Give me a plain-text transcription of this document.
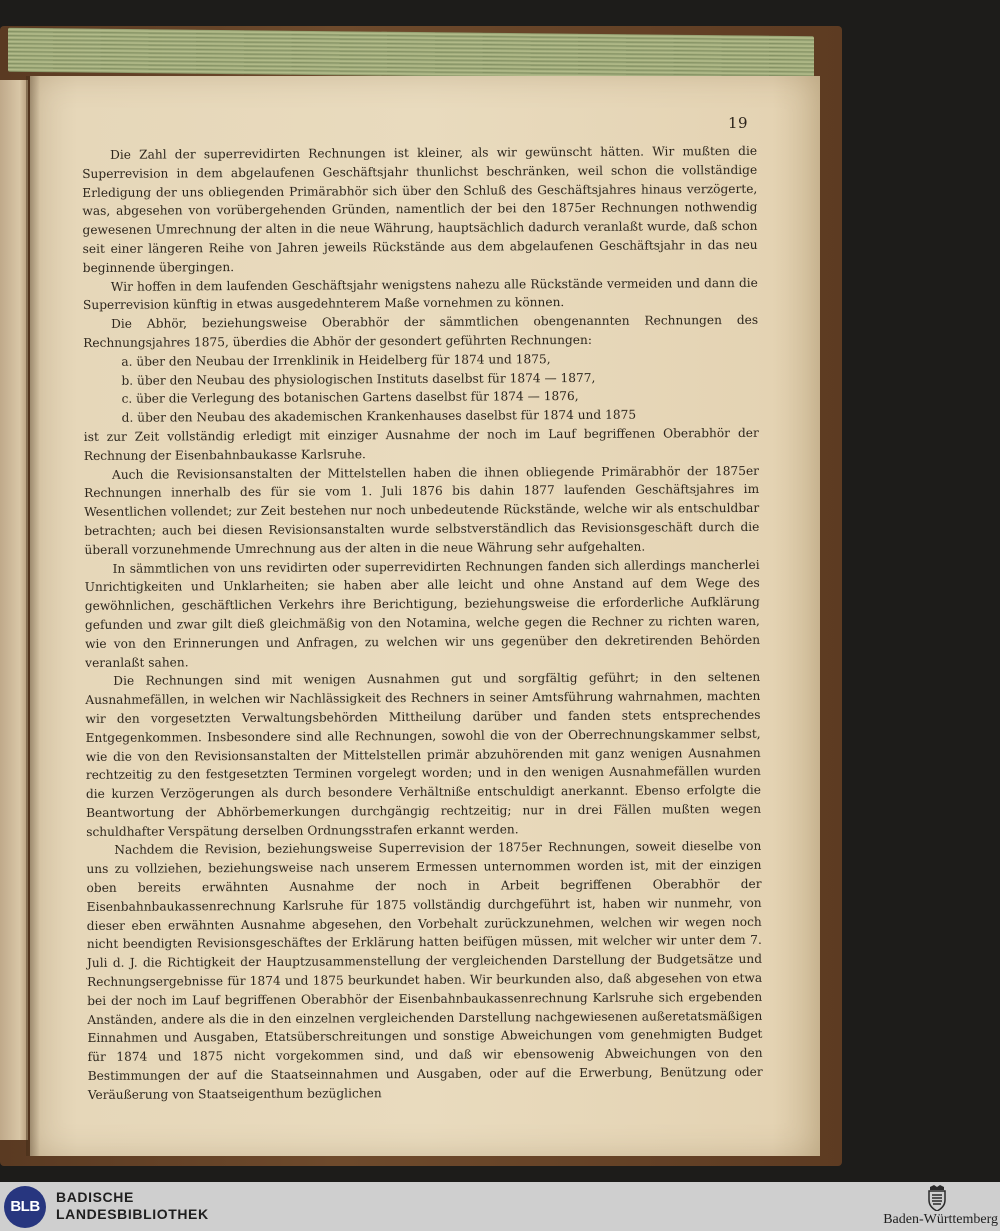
19

Die Zahl der superrevidirten Rechnungen ist kleiner, als wir gewünscht hätten. Wir mußten die Superrevision in dem abgelaufenen Geschäftsjahr thunlichst beschränken, weil schon die vollständige Erledigung der uns obliegenden Primärabhör sich über den Schluß des Geschäftsjahres hinaus verzögerte, was, abgesehen von vorübergehenden Gründen, namentlich der bei den 1875er Rechnungen nothwendig gewesenen Umrechnung der alten in die neue Währung, hauptsächlich dadurch veranlaßt wurde, daß schon seit einer längeren Reihe von Jahren jeweils Rückstände aus dem abgelaufenen Geschäftsjahr in das neu beginnende übergingen.

Wir hoffen in dem laufenden Geschäftsjahr wenigstens nahezu alle Rückstände vermeiden und dann die Superrevision künftig in etwas ausgedehnterem Maße vornehmen zu können.

Die Abhör, beziehungsweise Oberabhör der sämmtlichen obengenannten Rechnungen des Rechnungsjahres 1875, überdies die Abhör der gesondert geführten Rechnungen:

a. über den Neubau der Irrenklinik in Heidelberg für 1874 und 1875,
b. über den Neubau des physiologischen Instituts daselbst für 1874 — 1877,
c. über die Verlegung des botanischen Gartens daselbst für 1874 — 1876,
d. über den Neubau des akademischen Krankenhauses daselbst für 1874 und 1875

ist zur Zeit vollständig erledigt mit einziger Ausnahme der noch im Lauf begriffenen Oberabhör der Rechnung der Eisenbahnbaukasse Karlsruhe.

Auch die Revisionsanstalten der Mittelstellen haben die ihnen obliegende Primärabhör der 1875er Rechnungen innerhalb des für sie vom 1. Juli 1876 bis dahin 1877 laufenden Geschäftsjahres im Wesentlichen vollendet; zur Zeit bestehen nur noch unbedeutende Rückstände, welche wir als entschuldbar betrachten; auch bei diesen Revisionsanstalten wurde selbstverständlich das Revisionsgeschäft durch die überall vorzunehmende Umrechnung aus der alten in die neue Währung sehr aufgehalten.

In sämmtlichen von uns revidirten oder superrevidirten Rechnungen fanden sich allerdings mancherlei Unrichtigkeiten und Unklarheiten; sie haben aber alle leicht und ohne Anstand auf dem Wege des gewöhnlichen, geschäftlichen Verkehrs ihre Berichtigung, beziehungsweise die erforderliche Aufklärung gefunden und zwar gilt dieß gleichmäßig von den Notamina, welche gegen die Rechner zu richten waren, wie von den Erinnerungen und Anfragen, zu welchen wir uns gegenüber den dekretirenden Behörden veranlaßt sahen.

Die Rechnungen sind mit wenigen Ausnahmen gut und sorgfältig geführt; in den seltenen Ausnahmefällen, in welchen wir Nachlässigkeit des Rechners in seiner Amtsführung wahrnahmen, machten wir den vorgesetzten Verwaltungsbehörden Mittheilung darüber und fanden stets entsprechendes Entgegenkommen. Insbesondere sind alle Rechnungen, sowohl die von der Oberrechnungskammer selbst, wie die von den Revisionsanstalten der Mittelstellen primär abzuhörenden mit ganz wenigen Ausnahmen rechtzeitig zu den festgesetzten Terminen vorgelegt worden; und in den wenigen Ausnahmefällen wurden die kurzen Verzögerungen als durch besondere Verhältniße entschuldigt anerkannt. Ebenso erfolgte die Beantwortung der Abhörbemerkungen durchgängig rechtzeitig; nur in drei Fällen mußten wegen schuldhafter Verspätung derselben Ordnungsstrafen erkannt werden.

Nachdem die Revision, beziehungsweise Superrevision der 1875er Rechnungen, soweit dieselbe von uns zu vollziehen, beziehungsweise nach unserem Ermessen unternommen worden ist, mit der einzigen oben bereits erwähnten Ausnahme der noch in Arbeit begriffenen Oberabhör der Eisenbahnbaukassenrechnung Karlsruhe für 1875 vollständig durchgeführt ist, haben wir nunmehr, von dieser eben erwähnten Ausnahme abgesehen, den Vorbehalt zurückzunehmen, welchen wir wegen noch nicht beendigten Revisionsgeschäftes der Erklärung hatten beifügen müssen, mit welcher wir unter dem 7. Juli d. J. die Richtigkeit der Hauptzusammenstellung der vergleichenden Darstellung der Budgetsätze und Rechnungsergebnisse für 1874 und 1875 beurkundet haben. Wir beurkunden also, daß abgesehen von etwa bei der noch im Lauf begriffenen Oberabhör der Eisenbahnbaukassenrechnung Karlsruhe sich ergebenden Anständen, andere als die in den einzelnen vergleichenden Darstellung nachgewiesenen außeretatsmäßigen Einnahmen und Ausgaben, Etatsüberschreitungen und sonstige Abweichungen vom genehmigten Budget für 1874 und 1875 nicht vorgekommen sind, und daß wir ebensowenig Abweichungen von den Bestimmungen der auf die Staatseinnahmen und Ausgaben, oder auf die Erwerbung, Benützung oder Veräußerung von Staatseigenthum bezüglichen

BLB
BADISCHE
LANDESBIBLIOTHEK	Baden-Württemberg
